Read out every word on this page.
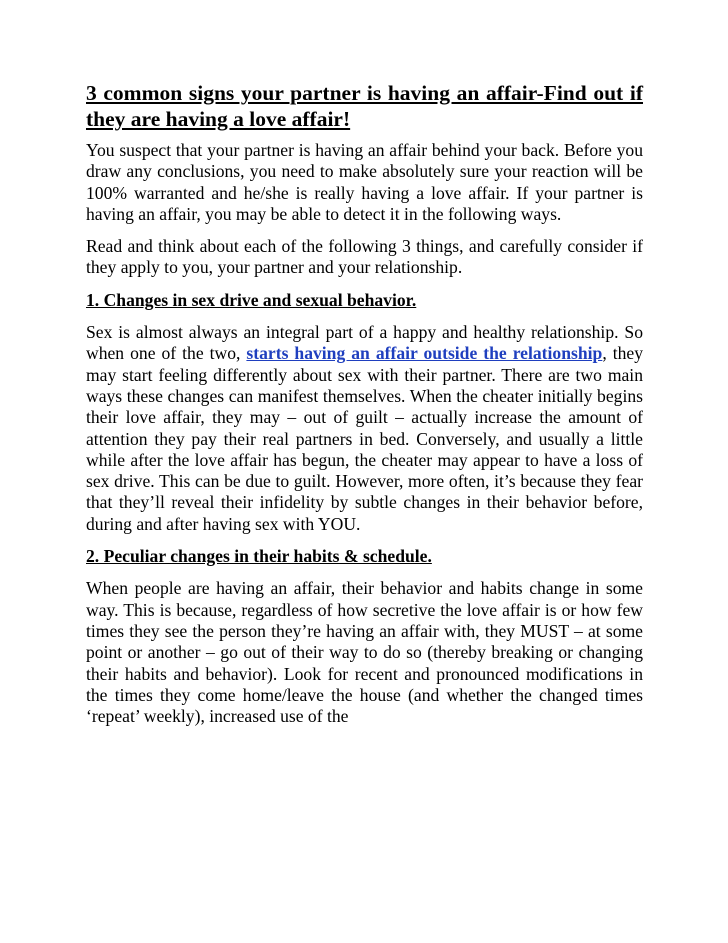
3 common signs your partner is having an affair-Find out if they are having a love affair!

You suspect that your partner is having an affair behind your back. Before you draw any conclusions, you need to make absolutely sure your reaction will be 100% warranted and he/she is really having a love affair. If your partner is having an affair, you may be able to detect it in the following ways.

Read and think about each of the following 3 things, and carefully consider if they apply to you, your partner and your relationship.

1. Changes in sex drive and sexual behavior.

Sex is almost always an integral part of a happy and healthy relationship. So when one of the two, starts having an affair outside the relationship, they may start feeling differently about sex with their partner. There are two main ways these changes can manifest themselves. When the cheater initially begins their love affair, they may – out of guilt – actually increase the amount of attention they pay their real partners in bed. Conversely, and usually a little while after the love affair has begun, the cheater may appear to have a loss of sex drive. This can be due to guilt. However, more often, it’s because they fear that they’ll reveal their infidelity by subtle changes in their behavior before, during and after having sex with YOU.

2. Peculiar changes in their habits & schedule.

When people are having an affair, their behavior and habits change in some way. This is because, regardless of how secretive the love affair is or how few times they see the person they’re having an affair with, they MUST – at some point or another – go out of their way to do so (thereby breaking or changing their habits and behavior). Look for recent and pronounced modifications in the times they come home/leave the house (and whether the changed times ‘repeat’ weekly), increased use of the
